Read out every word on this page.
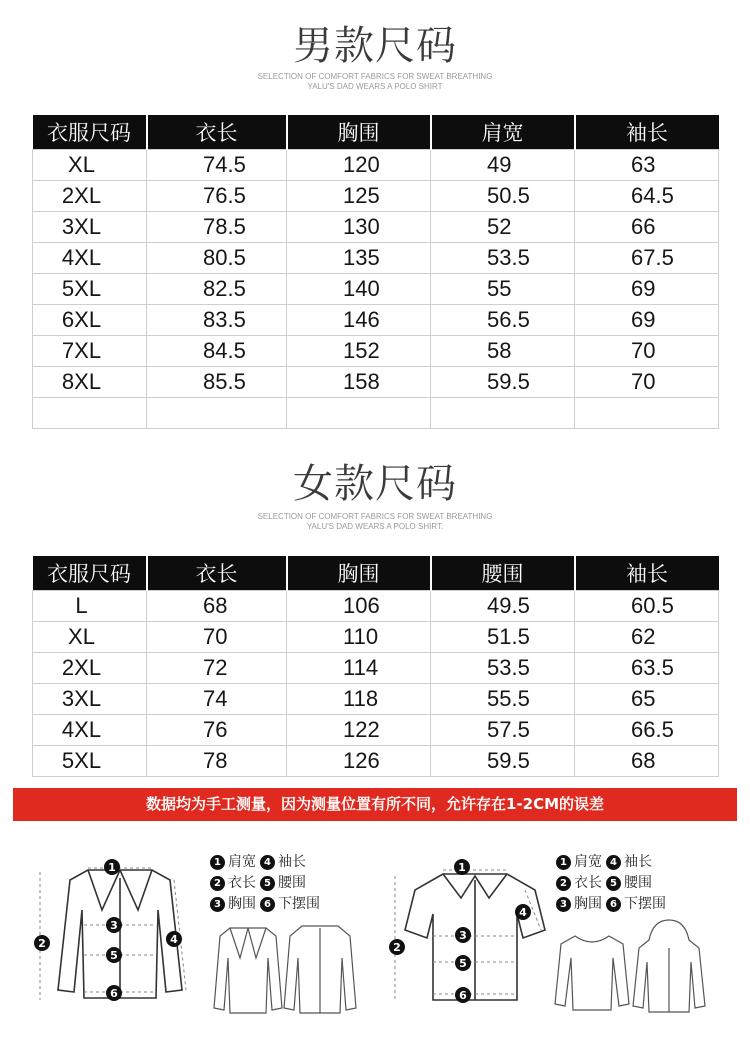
男款尺码
SELECTION OF COMFORT FABRICS FOR SWEAT BREATHING
YALU'S DAD WEARS A POLO SHIRT
衣服尺码	衣长	胸围	肩宽	袖长
XL	74.5	120	49	63
2XL	76.5	125	50.5	64.5
3XL	78.5	130	52	66
4XL	80.5	135	53.5	67.5
5XL	82.5	140	55	69
6XL	83.5	146	56.5	69
7XL	84.5	152	58	70
8XL	85.5	158	59.5	70

女款尺码
SELECTION OF COMFORT FABRICS FOR SWEAT BREATHING
YALU'S DAD WEARS A POLO SHIRT.
衣服尺码	衣长	胸围	腰围	袖长
L	68	106	49.5	60.5
XL	70	110	51.5	62
2XL	72	114	53.5	63.5
3XL	74	118	55.5	65
4XL	76	122	57.5	66.5
5XL	78	126	59.5	68
数据均为手工测量，因为测量位置有所不同，允许存在1-2CM的误差
1
2
3
4
5
6
1 肩宽 4 袖长
2 衣长 5 腰围
3 胸围 6 下摆围
1
2
3
4
5
6
1 肩宽 4 袖长
2 衣长 5 腰围
3 胸围 6 下摆围
